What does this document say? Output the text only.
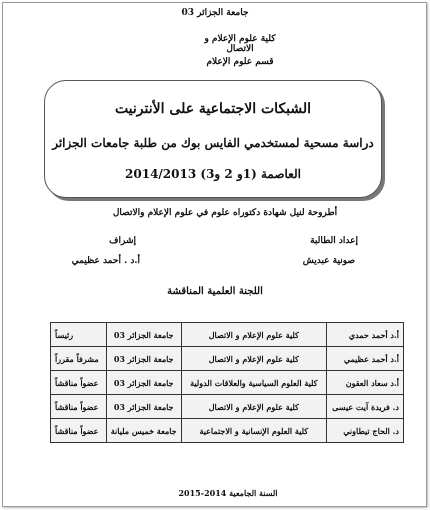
جامعة الجزائر 03
كلية علوم الإعلام و الاتصال
قسم علوم الإعلام
الشبكات الاجتماعية على الأنترنيت
دراسة مسحية لمستخدمي الفايس بوك من طلبة جامعات الجزائر
العاصمة (1و 2 و3) 2014/2013
أطروحة لنيل شهادة دكتوراه علوم في علوم الإعلام والاتصال
إعداد الطالبة
صونية عبديش
إشراف
أ.د . أحمد عظيمي
اللجنة العلمية المناقشة
أ.د أحمد حمدي	كلية علوم الإعلام و الاتصال	جامعة الجزائر 03	رئيساً
أ.د أحمد عظيمي	كلية علوم الإعلام و الاتصال	جامعة الجزائر 03	مشرفاً مقرراً
أ.د سعاد العقون	كلية العلوم السياسية والعلاقات الدولية	جامعة الجزائر 03	عضواً مناقشاً
د. فريدة آيت عيسى	كلية علوم الإعلام و الاتصال	جامعة الجزائر 03	عضواً مناقشاً
د. الحاج تيطاوني	كلية العلوم الإنسانية و الاجتماعية	جامعة خميس مليانة	عضواً مناقشاً
السنة الجامعية 2014-2015
